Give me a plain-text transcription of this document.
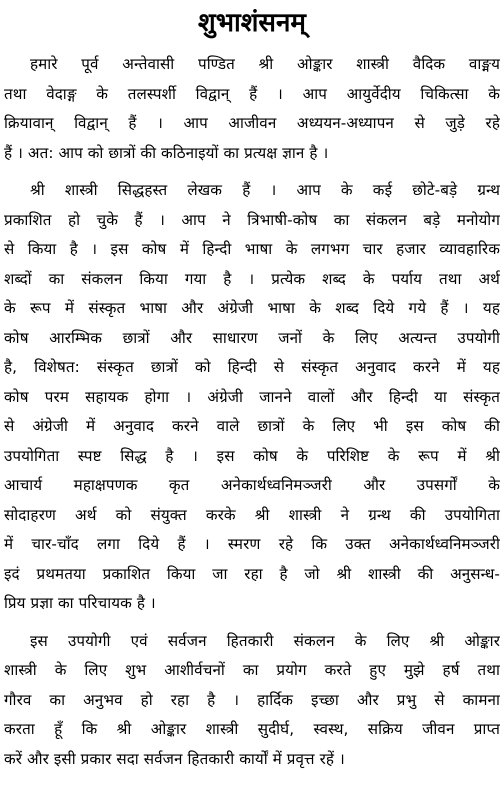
शुभाशंसनम्
हमारे पूर्व अन्तेवासी पण्डित श्री ओङ्कार शास्त्री वैदिक वाङ्मय
तथा वेदाङ्ग के तलस्पर्शी विद्वान् हैं । आप आयुर्वेदीय चिकित्सा के
क्रियावान् विद्वान् हैं । आप आजीवन अध्ययन-अध्यापन से जुड़े रहे
हैं । अत: आप को छात्रों की कठिनाइयों का प्रत्यक्ष ज्ञान है ।
श्री शास्त्री सिद्धहस्त लेखक हैं । आप के कई छोटे-बड़े ग्रन्थ
प्रकाशित हो चुके हैं । आप ने त्रिभाषी-कोष का संकलन बड़े मनोयोग
से किया है । इस कोष में हिन्दी भाषा के लगभग चार हजार व्यावहारिक
शब्दों का संकलन किया गया है । प्रत्येक शब्द के पर्याय तथा अर्थ
के रूप में संस्कृत भाषा और अंग्रेजी भाषा के शब्द दिये गये हैं । यह
कोष आरम्भिक छात्रों और साधारण जनों के लिए अत्यन्त उपयोगी
है, विशेषत: संस्कृत छात्रों को हिन्दी से संस्कृत अनुवाद करने में यह
कोष परम सहायक होगा । अंग्रेजी जानने वालों और हिन्दी या संस्कृत
से अंग्रेजी में अनुवाद करने वाले छात्रों के लिए भी इस कोष की
उपयोगिता स्पष्ट सिद्ध है । इस कोष के परिशिष्ट के रूप में श्री
आचार्य महाक्षपणक कृत अनेकार्थध्वनिमञ्जरी और उपसर्गों के
सोदाहरण अर्थ को संयुक्त करके श्री शास्त्री ने ग्रन्थ की उपयोगिता
में चार-चाँद लगा दिये हैं । स्मरण रहे कि उक्त अनेकार्थध्वनिमञ्जरी
इदं प्रथमतया प्रकाशित किया जा रहा है जो श्री शास्त्री की अनुसन्ध-
प्रिय प्रज्ञा का परिचायक है ।
इस उपयोगी एवं सर्वजन हितकारी संकलन के लिए श्री ओङ्कार
शास्त्री के लिए शुभ आशीर्वचनों का प्रयोग करते हुए मुझे हर्ष तथा
गौरव का अनुभव हो रहा है । हार्दिक इच्छा और प्रभु से कामना
करता हूँ कि श्री ओङ्कार शास्त्री सुदीर्घ, स्वस्थ, सक्रिय जीवन प्राप्त
करें और इसी प्रकार सदा सर्वजन हितकारी कार्यों में प्रवृत्त रहें ।
